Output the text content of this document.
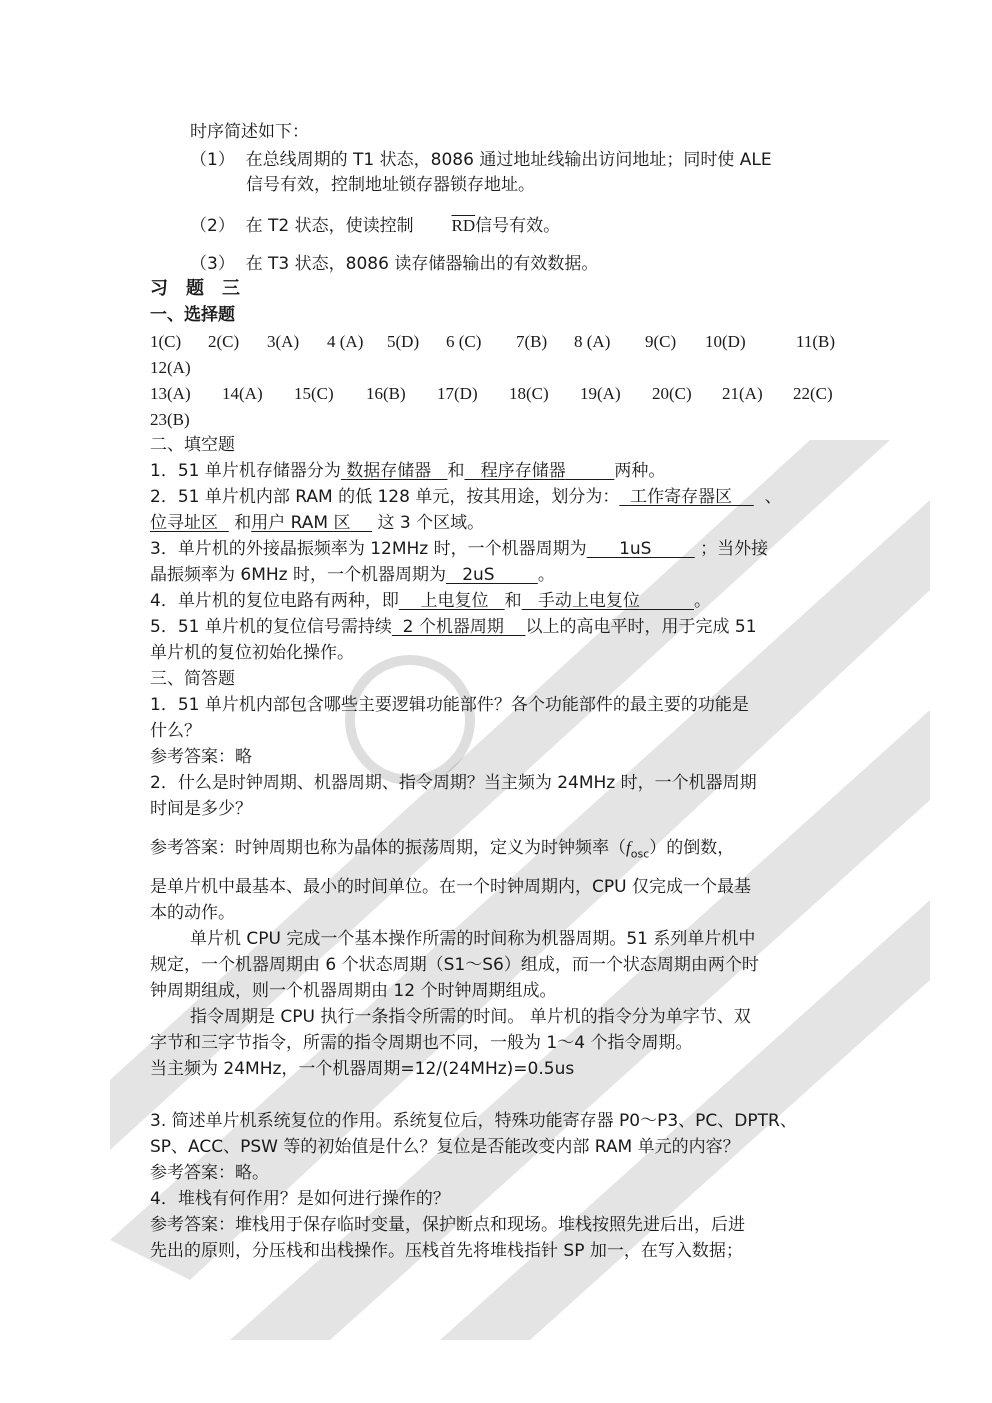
时序简述如下：
（1） 在总线周期的 T1 状态，8086 通过地址线输出访问地址；同时使 ALE
信号有效，控制地址锁存器锁存地址。
（2） 在 T2 状态，使读控制 $\overline{RD}$信号有效。
（3） 在 T3 状态，8086 读存储器输出的有效数据。
习　题　三
一、选择题
1(C) 2(C) 3(A) 4 (A) 5(D) 6 (C) 7(B) 8 (A) 9(C) 10(D)	11(B)
12(A)
13(A) 14(A) 15(C) 16(B) 17(D) 18(C) 19(A) 20(C) 21(A) 22(C)
23(B)
二、填空题
1．51 单片机存储器分为 数据存储器 和 程序存储器	两种。
2．51 单片机内部 RAM 的低 128 单元，按其用途，划分为： 工作寄存器区 、
位寻址区 和用户 RAM 区 这 3 个区域。
3．单片机的外接晶振频率为 12MHz 时，一个机器周期为 1uS	；当外接
晶振频率为 6MHz 时，一个机器周期为 2uS	。
4．单片机的复位电路有两种，即 上电复位 和 手动上电复位	。
5．51 单片机的复位信号需持续 2 个机器周期 以上的高电平时，用于完成 51
单片机的复位初始化操作。
三、简答题
1．51 单片机内部包含哪些主要逻辑功能部件？各个功能部件的最主要的功能是
什么？
参考答案：略
2．什么是时钟周期、机器周期、指令周期？当主频为 24MHz 时，一个机器周期
时间是多少？
参考答案：时钟周期也称为晶体的振荡周期，定义为时钟频率$(f_{osc})$的倒数，
是单片机中最基本、最小的时间单位。在一个时钟周期内，CPU 仅完成一个最基
本的动作。
单片机 CPU 完成一个基本操作所需的时间称为机器周期。51 系列单片机中
规定，一个机器周期由 6 个状态周期（S1～S6）组成，而一个状态周期由两个时
钟周期组成，则一个机器周期由 12 个时钟周期组成。
指令周期是 CPU 执行一条指令所需的时间。 单片机的指令分为单字节、双
字节和三字节指令，所需的指令周期也不同，一般为 1～4 个指令周期。
当主频为 24MHz，一个机器周期=12/(24MHz)=0.5us
3. 简述单片机系统复位的作用。系统复位后，特殊功能寄存器 P0～P3、PC、DPTR、
SP、ACC、PSW 等的初始值是什么？复位是否能改变内部 RAM 单元的内容？
参考答案：略。
4．堆栈有何作用？是如何进行操作的？
参考答案：堆栈用于保存临时变量，保护断点和现场。堆栈按照先进后出，后进
先出的原则，分压栈和出栈操作。压栈首先将堆栈指针 SP 加一，在写入数据；
